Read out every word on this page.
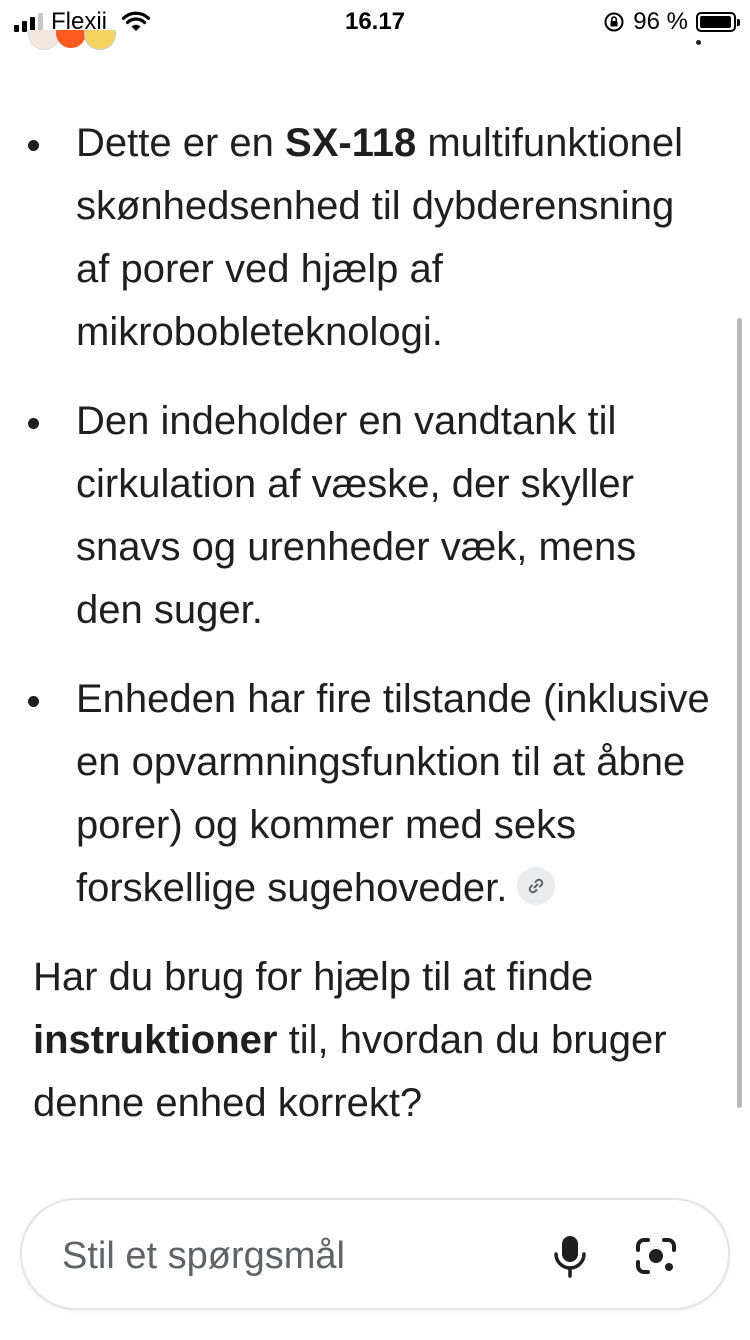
Flexii	16.17	96 %
Dette er en SX-118 multifunktionel skønhedsenhed til dybderensning af porer ved hjælp af mikrobobleteknologi.
Den indeholder en vandtank til cirkulation af væske, der skyller snavs og urenheder væk, mens den suger.
Enheden har fire tilstande (inklusive en opvarmningsfunktion til at åbne porer) og kommer med seks forskellige sugehoveder.

Har du brug for hjælp til at finde instruktioner til, hvordan du bruger denne enhed korrekt?

Stil et spørgsmål
